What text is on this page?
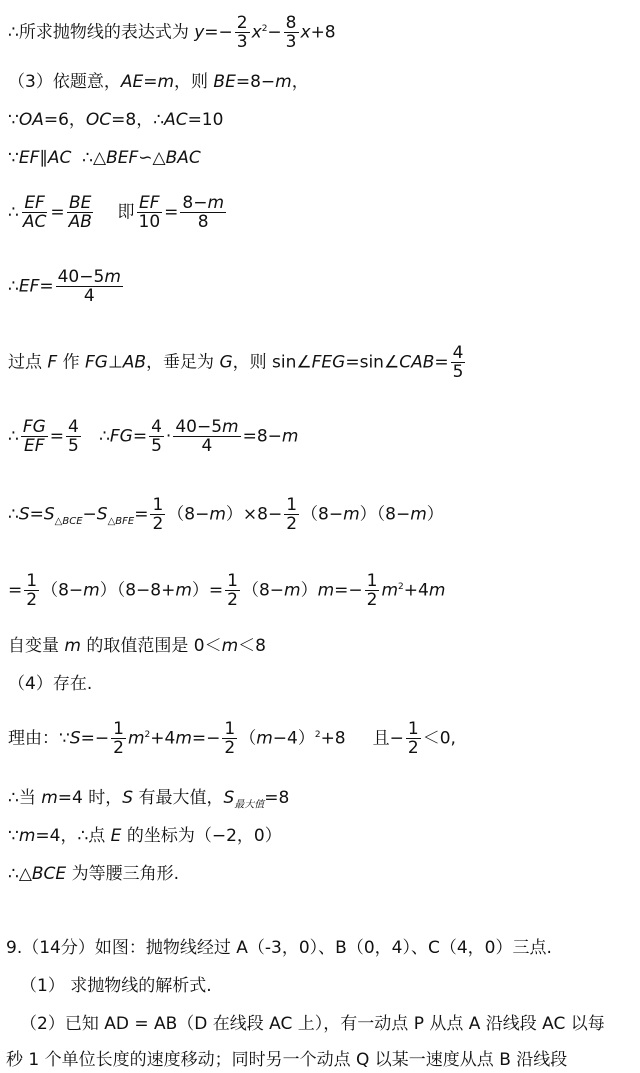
∴所求抛物线的表达式为 $y=- \frac{2}{3} x^2- \frac{8}{3} x+8$
（3）依题意，AE=m，则 BE=8−m，
∵OA=6，OC=8，∴AC=10
∵EF∥AC  ∴△BEF∽△BAC
∴ $\frac{EF}{AC} = \frac{BE}{AB}$ 即 $\frac{EF}{10} = \frac{8-m}{8}$
∴EF= $\frac{40-5m}{4}$
过点 F 作 FG⊥AB，垂足为 G，则 sin∠FEG=sin∠CAB= $\frac{4}{5}$
∴ $\frac{FG}{EF} = \frac{4}{5}$ ∴FG= $\frac{4}{5} \cdot \frac{40-5m}{4} =8-m$
$\therefore S=S_{\triangle BCE}-S_{\triangle BFE}= \frac{1}{2} (8-m)\times 8- \frac{1}{2} (8-m)(8-m)$
= $\frac{1}{2} (8-m)(8-8+m)= \frac{1}{2} (8-m)m=- \frac{1}{2} m^2+4m$
自变量 m 的取值范围是 0＜m＜8
（4）存在.
理由：∵S=− $\frac{1}{2} m^2+4m=- \frac{1}{2} (m-4)^2+8$     且− $\frac{1}{2} <0$,
∴当 m=4 时，S 有最大值，$S_{最大值}=8$
∵m=4，∴点 E 的坐标为（−2，0）
∴△BCE 为等腰三角形.
9.（14分）如图：抛物线经过 A（-3，0）、B（0，4）、C（4，0）三点.
（1） 求抛物线的解析式.
（2）已知 AD = AB（D 在线段 AC 上），有一动点 P 从点 A 沿线段 AC 以每
秒 1 个单位长度的速度移动；同时另一个动点 Q 以某一速度从点 B 沿线段
